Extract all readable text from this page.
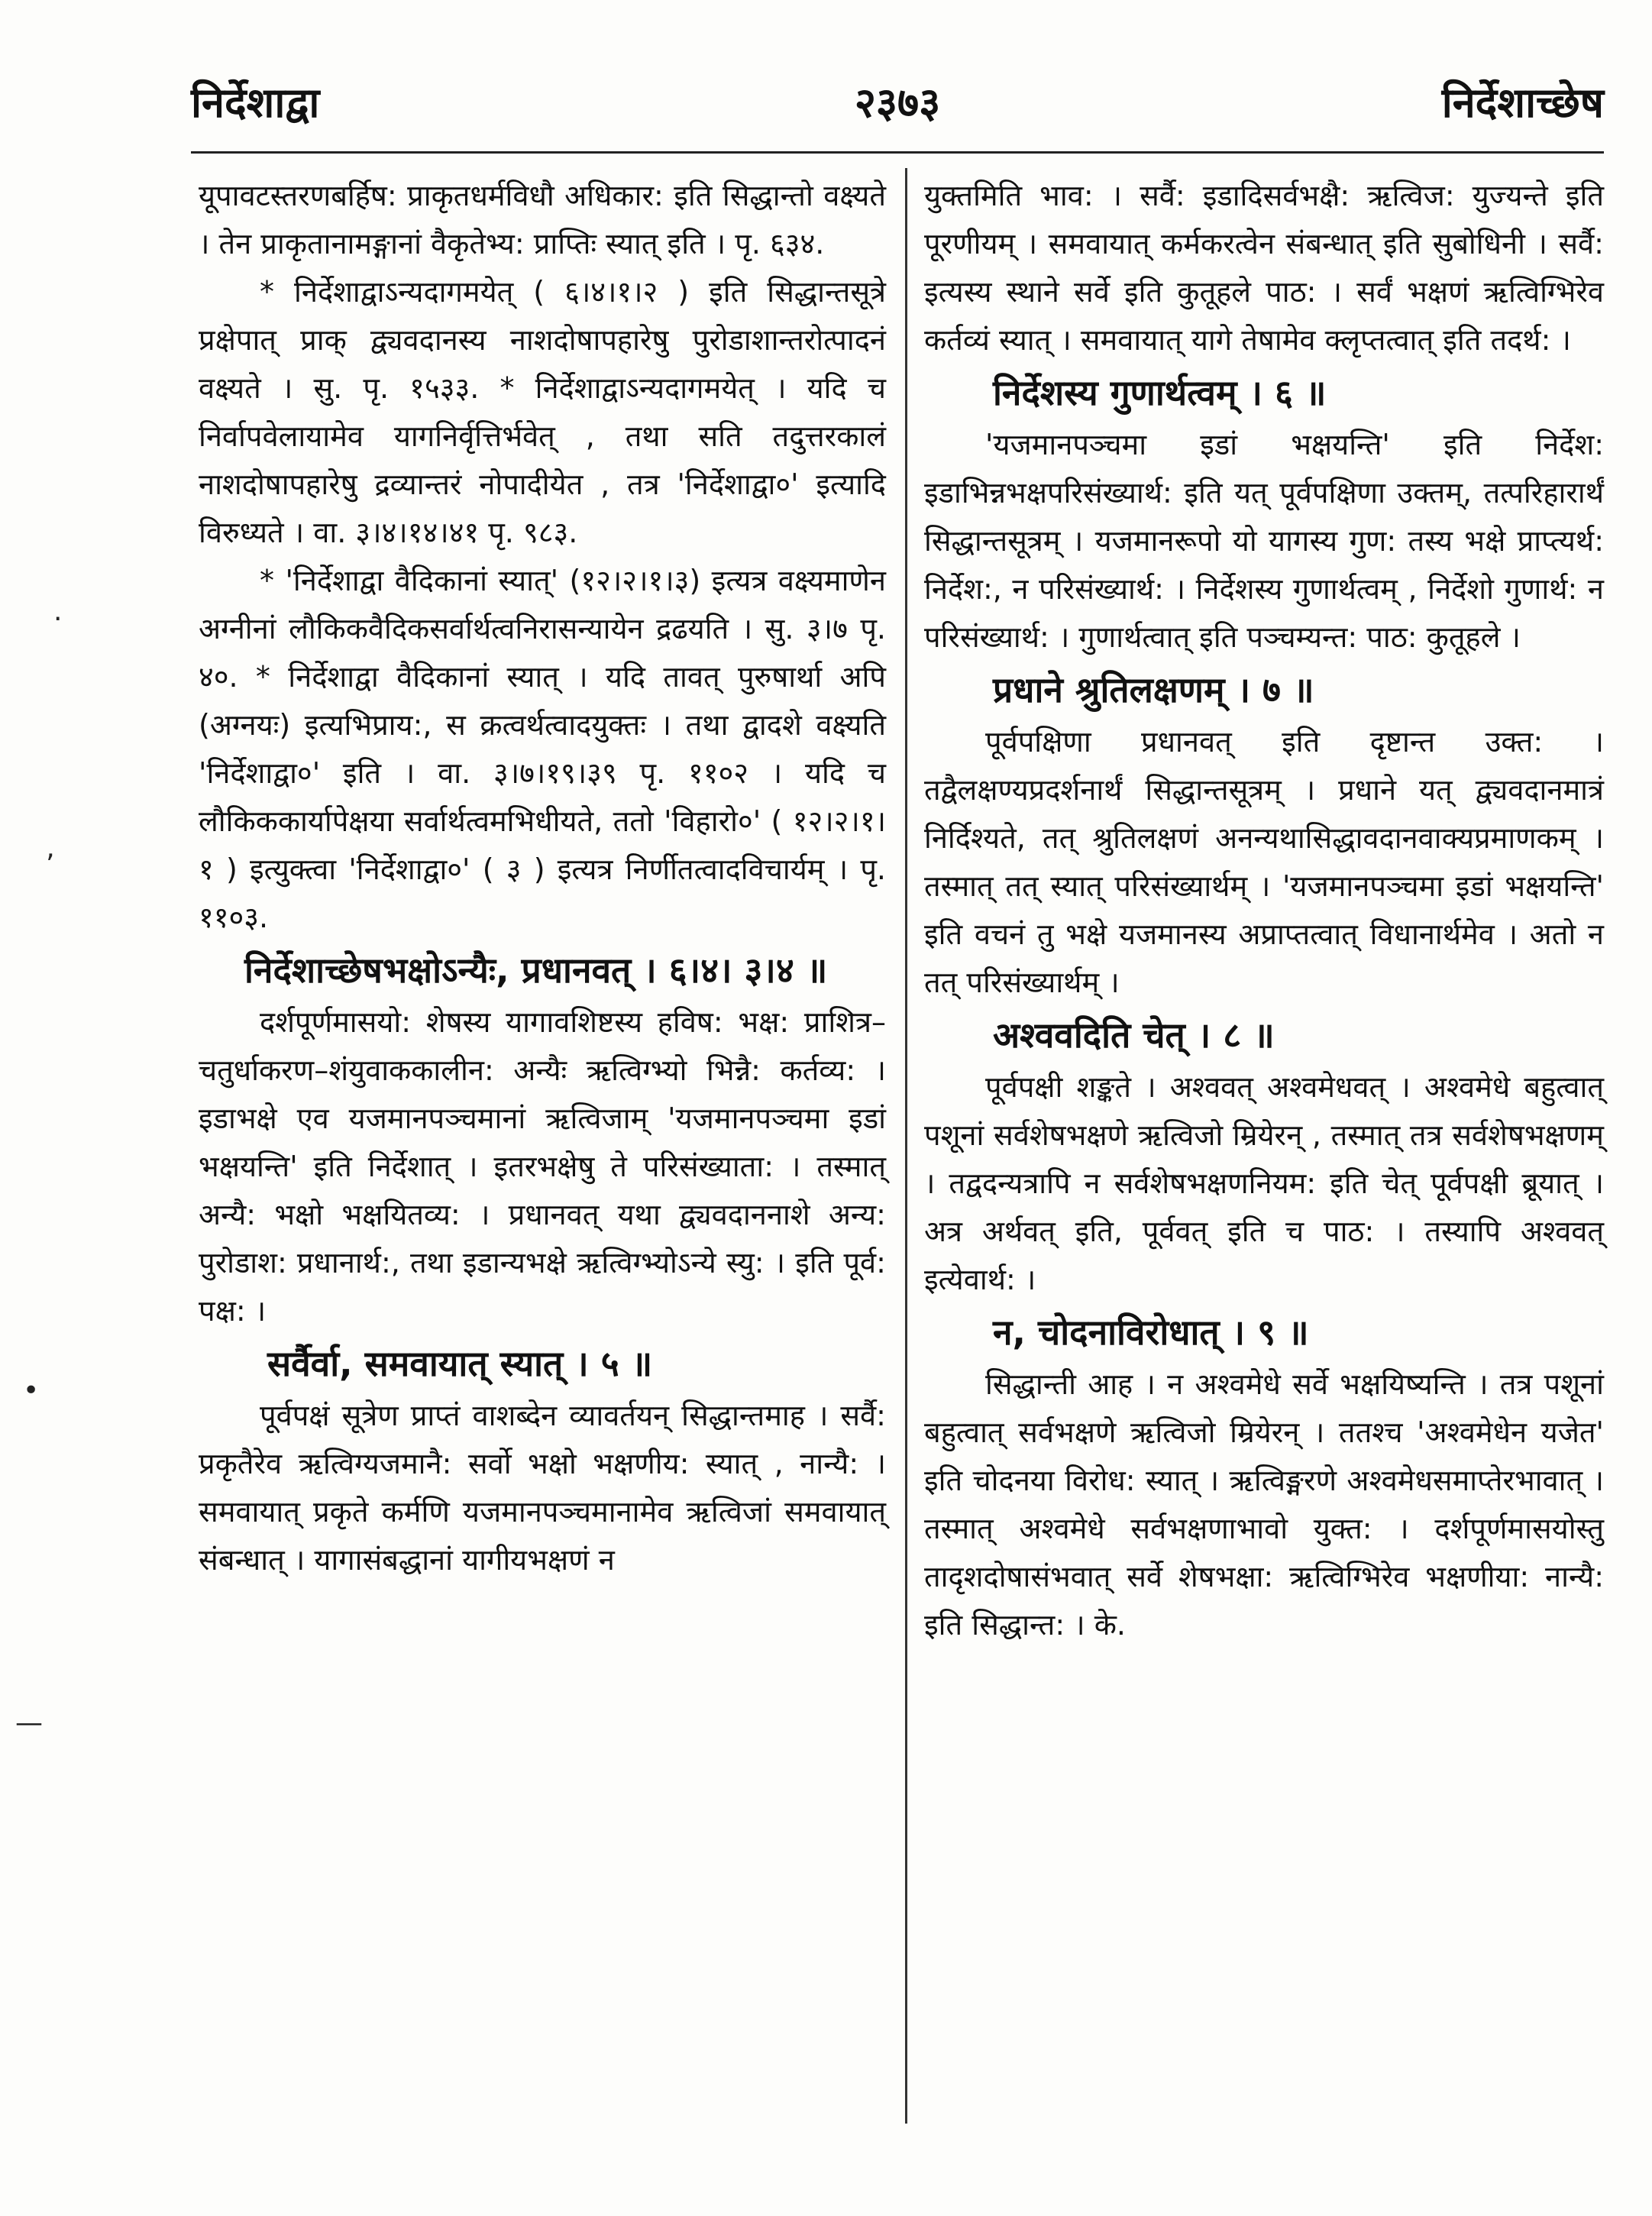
निर्देशाद्वा	२३७३	निर्देशाच्छेष

यूपावटस्तरणबर्हिष: प्राकृतधर्मविधौ अधिकार: इति सिद्धान्तो वक्ष्यते । तेन प्राकृतानामङ्गानां वैकृतेभ्य: प्राप्तिः स्यात् इति । पृ. ६३४.

* निर्देशाद्वाऽन्यदागमयेत् ( ६।४।१।२ ) इति सिद्धान्तसूत्रे प्रक्षेपात् प्राक् द्व्यवदानस्य नाशदोषापहारेषु पुरोडाशान्तरोत्पादनं वक्ष्यते । सु. पृ. १५३३. * निर्देशाद्वाऽन्यदागमयेत् । यदि च निर्वापवेलायामेव यागनिर्वृत्तिर्भवेत् , तथा सति तदुत्तरकालं नाशदोषापहारेषु द्रव्यान्तरं नोपादीयेत , तत्र 'निर्देशाद्वा०' इत्यादि विरुध्यते । वा. ३।४।१४।४१ पृ. ९८३.

* 'निर्देशाद्वा वैदिकानां स्यात्' (१२।२।१।३) इत्यत्र वक्ष्यमाणेन अग्नीनां लौकिकवैदिकसर्वार्थत्वनिरासन्यायेन द्रढयति । सु. ३।७ पृ. ४०. * निर्देशाद्वा वैदिकानां स्यात् । यदि तावत् पुरुषार्था अपि (अग्नयः) इत्यभिप्राय:, स क्रत्वर्थत्वादयुक्तः । तथा द्वादशे वक्ष्यति 'निर्देशाद्वा०' इति । वा. ३।७।१९।३९ पृ. ११०२ । यदि च लौकिककार्यापेक्षया सर्वार्थत्वमभिधीयते, ततो 'विहारो०' ( १२।२।१।१ ) इत्युक्त्वा 'निर्देशाद्वा०' ( ३ ) इत्यत्र निर्णीतत्वादविचार्यम् । पृ. ११०३.

निर्देशाच्छेषभक्षोऽन्यैः, प्रधानवत् । ६।४। ३।४ ॥

दर्शपूर्णमासयो: शेषस्य यागावशिष्टस्य हविष: भक्ष: प्राशित्र–चतुर्धाकरण–शंयुवाककालीन: अन्यैः ऋत्विग्भ्यो भिन्नै: कर्तव्य: । इडाभक्षे एव यजमानपञ्चमानां ऋत्विजाम् 'यजमानपञ्चमा इडां भक्षयन्ति' इति निर्देशात् । इतरभक्षेषु ते परिसंख्याता: । तस्मात् अन्यै: भक्षो भक्षयितव्य: । प्रधानवत् यथा द्व्यवदाननाशे अन्य: पुरोडाश: प्रधानार्थ:, तथा इडान्यभक्षे ऋत्विग्भ्योऽन्ये स्यु: । इति पूर्व: पक्ष: ।

सर्वैर्वा, समवायात् स्यात् । ५ ॥

पूर्वपक्षं सूत्रेण प्राप्तं वाशब्देन व्यावर्तयन् सिद्धान्तमाह । सर्वै: प्रकृतैरेव ऋत्विग्यजमानै: सर्वो भक्षो भक्षणीय: स्यात् , नान्यै: । समवायात् प्रकृते कर्मणि यजमानपञ्चमानामेव ऋत्विजां समवायात् संबन्धात् । यागासंबद्धानां यागीयभक्षणं न

युक्तमिति भाव: । सर्वै: इडादिसर्वभक्षै: ऋत्विज: युज्यन्ते इति पूरणीयम् । समवायात् कर्मकरत्वेन संबन्धात् इति सुबोधिनी । सर्वै: इत्यस्य स्थाने सर्वे इति कुतूहले पाठ: । सर्वं भक्षणं ऋत्विग्भिरेव कर्तव्यं स्यात् । समवायात् यागे तेषामेव क्लृप्तत्वात् इति तदर्थ: ।

निर्देशस्य गुणार्थत्वम् । ६ ॥

'यजमानपञ्चमा इडां भक्षयन्ति' इति निर्देश: इडाभिन्नभक्षपरिसंख्यार्थ: इति यत् पूर्वपक्षिणा उक्तम्, तत्परिहारार्थं सिद्धान्तसूत्रम् । यजमानरूपो यो यागस्य गुण: तस्य भक्षे प्राप्त्यर्थ: निर्देश:, न परिसंख्यार्थ: । निर्देशस्य गुणार्थत्वम् , निर्देशो गुणार्थ: न परिसंख्यार्थ: । गुणार्थत्वात् इति पञ्चम्यन्त: पाठ: कुतूहले ।

प्रधाने श्रुतिलक्षणम् । ७ ॥

पूर्वपक्षिणा प्रधानवत् इति दृष्टान्त उक्त: । तद्वैलक्षण्यप्रदर्शनार्थं सिद्धान्तसूत्रम् । प्रधाने यत् द्व्यवदानमात्रं निर्दिश्यते, तत् श्रुतिलक्षणं अनन्यथासिद्धावदानवाक्यप्रमाणकम् । तस्मात् तत् स्यात् परिसंख्यार्थम् । 'यजमानपञ्चमा इडां भक्षयन्ति' इति वचनं तु भक्षे यजमानस्य अप्राप्तत्वात् विधानार्थमेव । अतो न तत् परिसंख्यार्थम् ।

अश्ववदिति चेत् । ८ ॥

पूर्वपक्षी शङ्कते । अश्ववत् अश्वमेधवत् । अश्वमेधे बहुत्वात् पशूनां सर्वशेषभक्षणे ऋत्विजो म्रियेरन् , तस्मात् तत्र सर्वशेषभक्षणम् । तद्वदन्यत्रापि न सर्वशेषभक्षणनियम: इति चेत् पूर्वपक्षी ब्रूयात् । अत्र अर्थवत् इति, पूर्ववत् इति च पाठ: । तस्यापि अश्ववत् इत्येवार्थ: ।

न, चोदनाविरोधात् । ९ ॥

सिद्धान्ती आह । न अश्वमेधे सर्वे भक्षयिष्यन्ति । तत्र पशूनां बहुत्वात् सर्वभक्षणे ऋत्विजो म्रियेरन् । ततश्च 'अश्वमेधेन यजेत' इति चोदनया विरोध: स्यात् । ऋत्विङ्मरणे अश्वमेधसमाप्तेरभावात् । तस्मात् अश्वमेधे सर्वभक्षणाभावो युक्त: । दर्शपूर्णमासयोस्तु तादृशदोषासंभवात् सर्वे शेषभक्षा: ऋत्विग्भिरेव भक्षणीया: नान्यै: इति सिद्धान्त: । के.

·
‚
•
—
